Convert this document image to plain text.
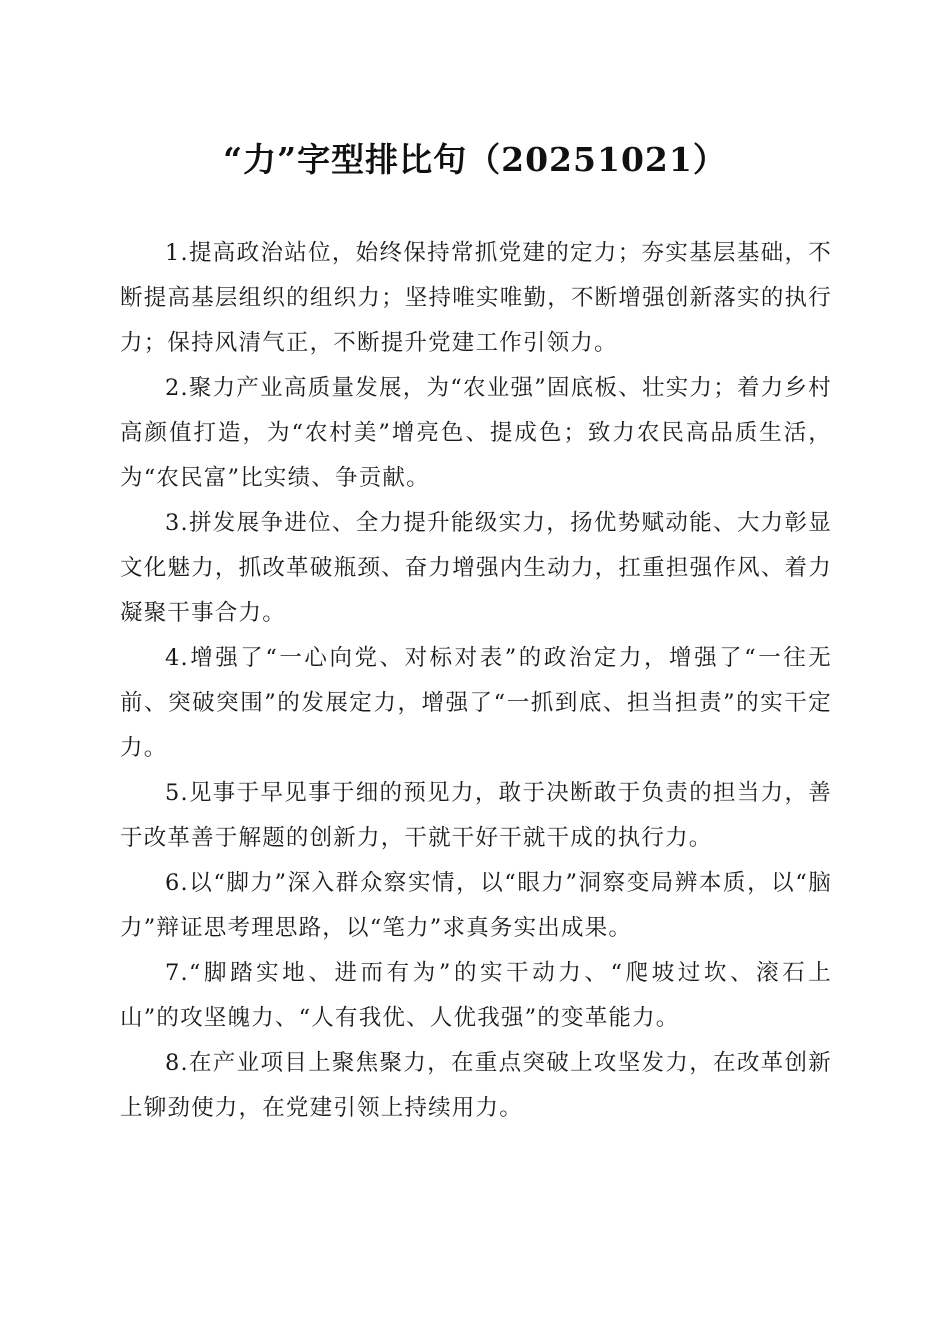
“力”字型排比句（20251021）

1.提高政治站位，始终保持常抓党建的定力；夯实基层基础，不断提高基层组织的组织力；坚持唯实唯勤，不断增强创新落实的执行力；保持风清气正，不断提升党建工作引领力。

2.聚力产业高质量发展，为“农业强”固底板、壮实力；着力乡村高颜值打造，为“农村美”增亮色、提成色；致力农民高品质生活，为“农民富”比实绩、争贡献。

3.拼发展争进位、全力提升能级实力，扬优势赋动能、大力彰显文化魅力，抓改革破瓶颈、奋力增强内生动力，扛重担强作风、着力凝聚干事合力。

4.增强了“一心向党、对标对表”的政治定力，增强了“一往无前、突破突围”的发展定力，增强了“一抓到底、担当担责”的实干定力。

5.见事于早见事于细的预见力，敢于决断敢于负责的担当力，善于改革善于解题的创新力，干就干好干就干成的执行力。

6.以“脚力”深入群众察实情，以“眼力”洞察变局辨本质，以“脑力”辩证思考理思路，以“笔力”求真务实出成果。

7.“脚踏实地、进而有为”的实干动力、“爬坡过坎、滚石上山”的攻坚魄力、“人有我优、人优我强”的变革能力。

8.在产业项目上聚焦聚力，在重点突破上攻坚发力，在改革创新上铆劲使力，在党建引领上持续用力。
